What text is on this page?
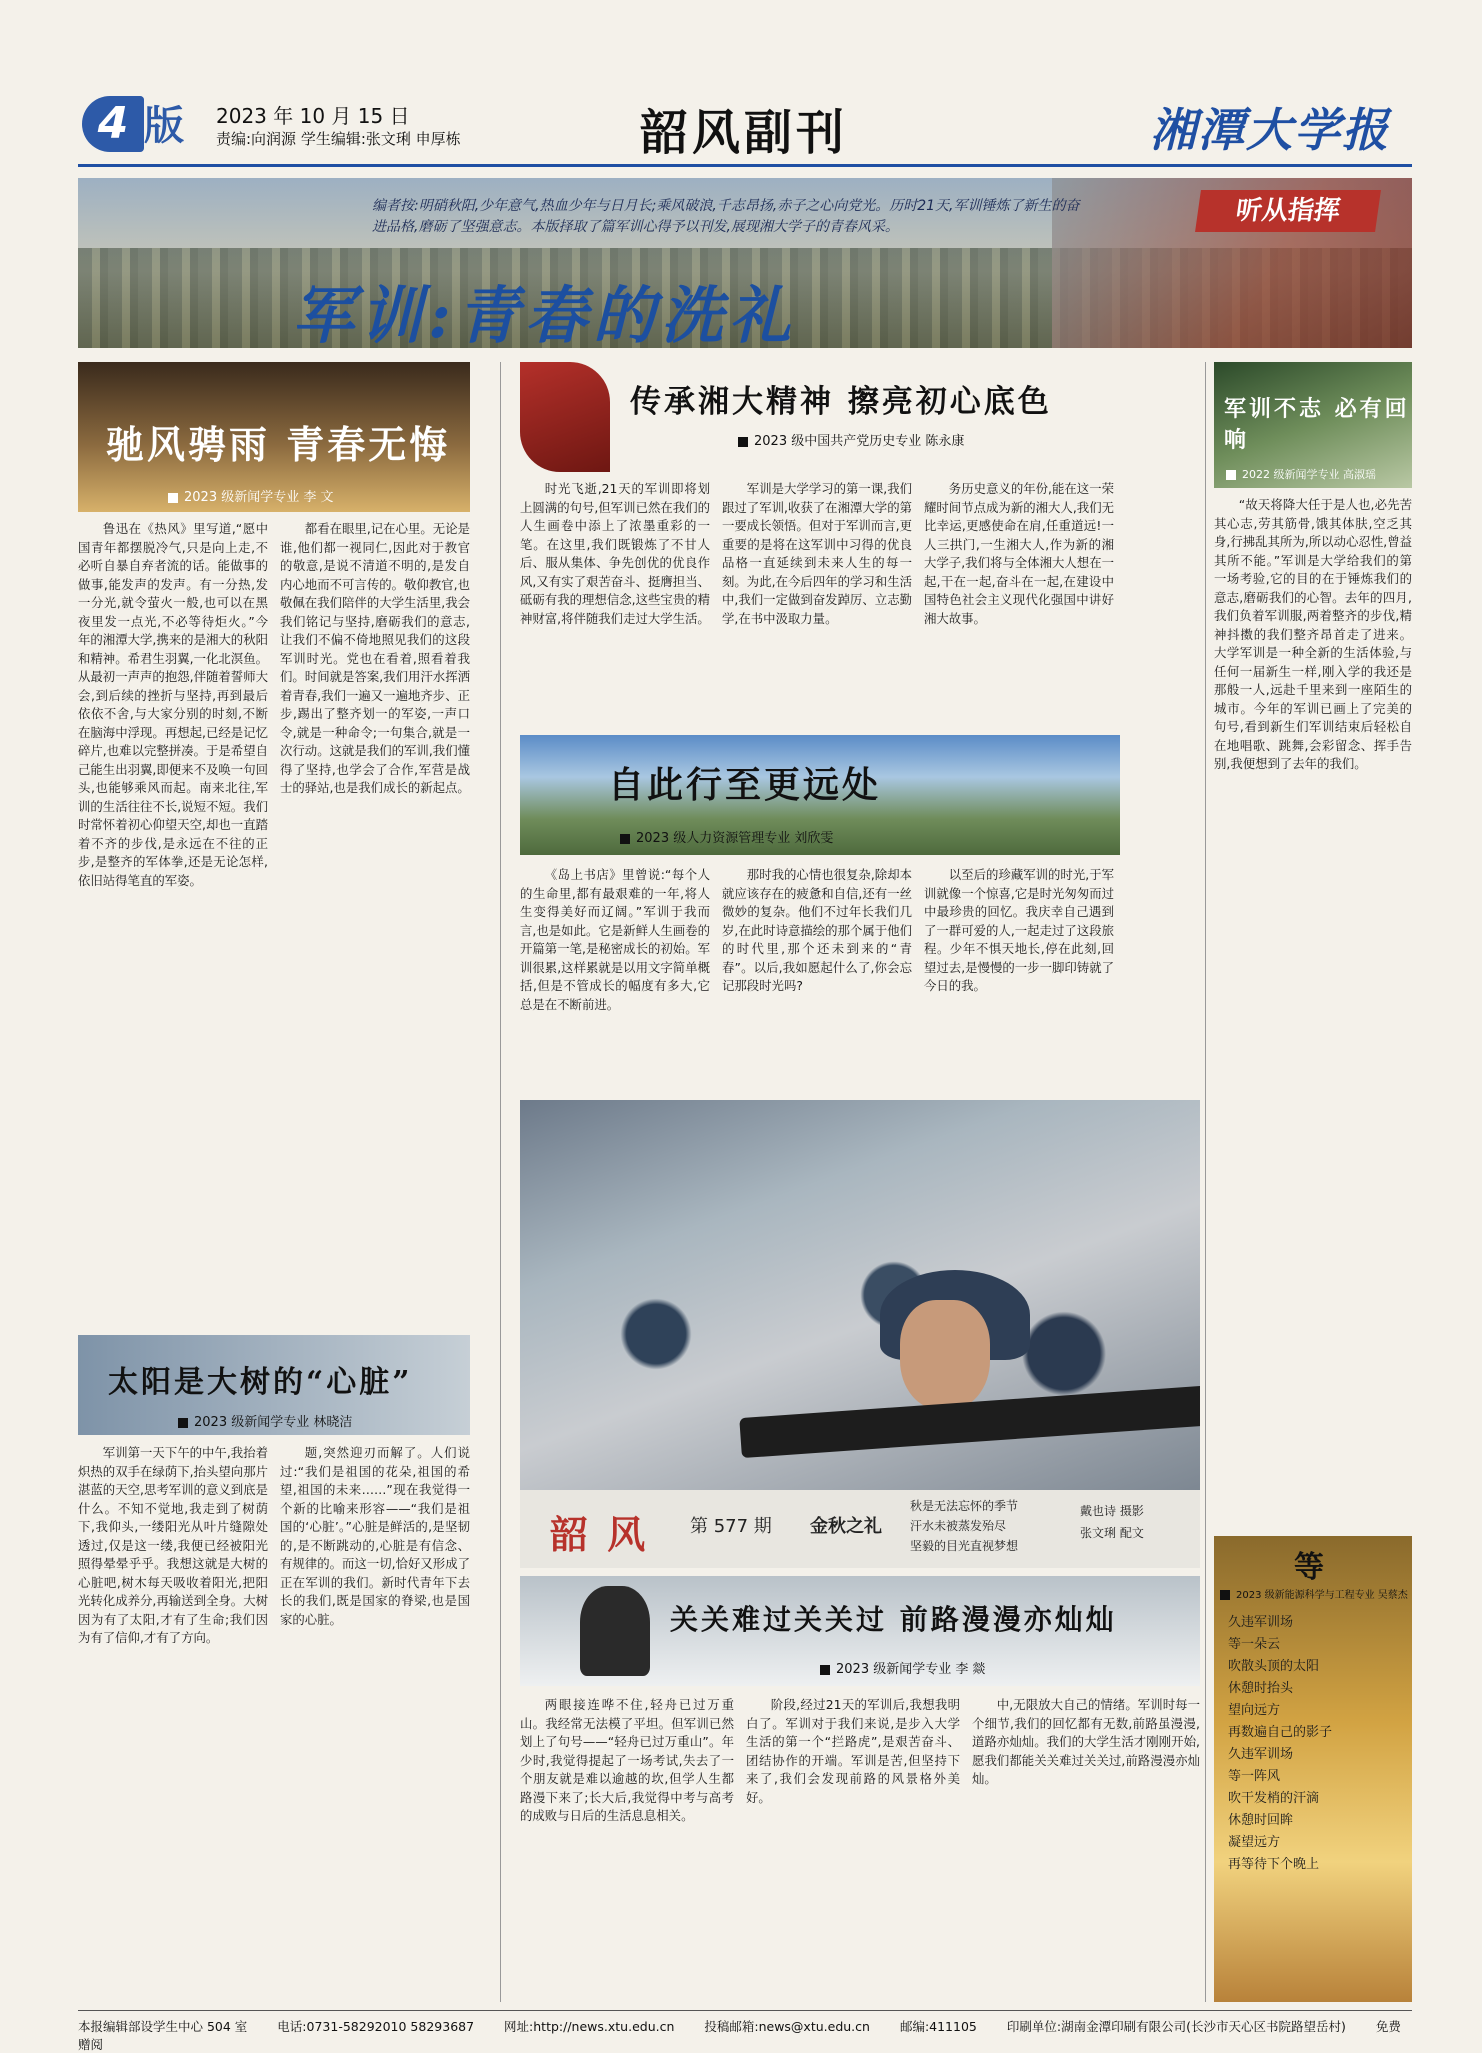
4 版	2023 年 10 月 15 日
责编:向润源 学生编辑:张文琍 申厚栋	韶风副刊	湘潭大学报
编者按:明硝秋阳,少年意气,热血少年与日月长;乘风破浪,千志昂扬,赤子之心向党光。历时21天,军训锤炼了新生的奋进品格,磨砺了坚强意志。本版择取了篇军训心得予以刊发,展现湘大学子的青春风采。
军训:青春的洗礼
听从指挥
驰风骋雨 青春无悔
2023 级新闻学专业 李 文

鲁迅在《热风》里写道,“愿中国青年都摆脱冷气,只是向上走,不必听自暴自弃者流的话。能做事的做事,能发声的发声。有一分热,发一分光,就令萤火一般,也可以在黑夜里发一点光,不必等待炬火。”今年的湘潭大学,携来的是湘大的秋阳和精神。希君生羽翼,一化北溟鱼。从最初一声声的抱怨,伴随着誓师大会,到后续的挫折与坚持,再到最后依依不舍,与大家分别的时刻,不断在脑海中浮现。再想起,已经是记忆碎片,也难以完整拼凑。于是希望自己能生出羽翼,即便来不及唤一句回头,也能够乘风而起。南来北往,军训的生活往往不长,说短不短。我们时常怀着初心仰望天空,却也一直踏着不齐的步伐,是永远在不往的正步,是整齐的军体拳,还是无论怎样,依旧站得笔直的军姿。

都看在眼里,记在心里。无论是谁,他们都一视同仁,因此对于教官的敬意,是说不清道不明的,是发自内心地而不可言传的。敬仰教官,也敬佩在我们陪伴的大学生活里,我会我们铭记与坚持,磨砺我们的意志,让我们不偏不倚地照见我们的这段军训时光。党也在看着,照看着我们。时间就是答案,我们用汗水挥洒着青春,我们一遍又一遍地齐步、正步,踢出了整齐划一的军姿,一声口令,就是一种命令;一句集合,就是一次行动。这就是我们的军训,我们懂得了坚持,也学会了合作,军营是战士的驿站,也是我们成长的新起点。

太阳是大树的“心脏”
2023 级新闻学专业 林晓洁

军训第一天下午的中午,我抬着炽热的双手在绿荫下,抬头望向那片湛蓝的天空,思考军训的意义到底是什么。不知不觉地,我走到了树荫下,我仰头,一缕阳光从叶片缝隙处透过,仅是这一缕,我便已经被阳光照得晕晕乎乎。我想这就是大树的心脏吧,树木每天吸收着阳光,把阳光转化成养分,再输送到全身。大树因为有了太阳,才有了生命;我们因为有了信仰,才有了方向。

题,突然迎刃而解了。人们说过:“我们是祖国的花朵,祖国的希望,祖国的未来……”现在我觉得一个新的比喻来形容——“我们是祖国的‘心脏’。”心脏是鲜活的,是坚韧的,是不断跳动的,心脏是有信念、有规律的。而这一切,恰好又形成了正在军训的我们。新时代青年下去长的我们,既是国家的脊梁,也是国家的心脏。

传承湘大精神 擦亮初心底色
2023 级中国共产党历史专业 陈永康

时光飞逝,21天的军训即将划上圆满的句号,但军训已然在我们的人生画卷中添上了浓墨重彩的一笔。在这里,我们既锻炼了不甘人后、服从集体、争先创优的优良作风,又有实了艰苦奋斗、挺膺担当、砥砺有我的理想信念,这些宝贵的精神财富,将伴随我们走过大学生活。

军训是大学学习的第一课,我们跟过了军训,收获了在湘潭大学的第一要成长领悟。但对于军训而言,更重要的是将在这军训中习得的优良品格一直延续到未来人生的每一刻。为此,在今后四年的学习和生活中,我们一定做到奋发踔厉、立志勤学,在书中汲取力量。

务历史意义的年份,能在这一荣耀时间节点成为新的湘大人,我们无比幸运,更感使命在肩,任重道远!一人三拱门,一生湘大人,作为新的湘大学子,我们将与全体湘大人想在一起,干在一起,奋斗在一起,在建设中国特色社会主义现代化强国中讲好湘大故事。

自此行至更远处
2023 级人力资源管理专业 刘欣雯

《岛上书店》里曾说:“每个人的生命里,都有最艰难的一年,将人生变得美好而辽阔。”军训于我而言,也是如此。它是新鲜人生画卷的开篇第一笔,是秘密成长的初始。军训很累,这样累就是以用文字简单概括,但是不管成长的幅度有多大,它总是在不断前进。

那时我的心情也很复杂,除却本就应该存在的疲惫和自信,还有一丝微妙的复杂。他们不过年长我们几岁,在此时诗意描绘的那个属于他们的时代里,那个还未到来的“青春”。以后,我如愿起什么了,你会忘记那段时光吗?

以至后的珍藏军训的时光,于军训就像一个惊喜,它是时光匆匆而过中最珍贵的回忆。我庆幸自己遇到了一群可爱的人,一起走过了这段旅程。少年不惧天地长,停在此刻,回望过去,是慢慢的一步一脚印铸就了今日的我。

韶 风 第 577 期 金秋之礼
秋是无法忘怀的季节
汗水未被蒸发殆尽
坚毅的目光直视梦想
戴也诗 摄影
张文琍 配文
关关难过关关过 前路漫漫亦灿灿
2023 级新闻学专业 李 燚

两眼接连哗不住,轻舟已过万重山。我经常无法模了平坦。但军训已然划上了句号——“轻舟已过万重山”。年少时,我觉得提起了一场考试,失去了一个朋友就是难以逾越的坎,但学人生都路漫下来了;长大后,我觉得中考与高考的成败与日后的生活息息相关。

阶段,经过21天的军训后,我想我明白了。军训对于我们来说,是步入大学生活的第一个“拦路虎”,是艰苦奋斗、团结协作的开端。军训是苦,但坚持下来了,我们会发现前路的风景格外美好。

中,无限放大自己的情绪。军训时每一个细节,我们的回忆都有无数,前路虽漫漫,道路亦灿灿。我们的大学生活才刚刚开始,愿我们都能关关难过关关过,前路漫漫亦灿灿。

军训不志 必有回响
2022 级新闻学专业 高淑瑶

“故天将降大任于是人也,必先苦其心志,劳其筋骨,饿其体肤,空乏其身,行拂乱其所为,所以动心忍性,曾益其所不能。”军训是大学给我们的第一场考验,它的目的在于锤炼我们的意志,磨砺我们的心智。去年的四月,我们负着军训服,两着整齐的步伐,精神抖擞的我们整齐昂首走了进来。大学军训是一种全新的生活体验,与任何一届新生一样,刚入学的我还是那般一人,远赴千里来到一座陌生的城市。今年的军训已画上了完美的句号,看到新生们军训结束后轻松自在地唱歌、跳舞,会彩留念、挥手告别,我便想到了去年的我们。

等
2023 级新能源科学与工程专业 吴蔡杰
久违军训场
等一朵云
吹散头顶的太阳
休憩时抬头
望向远方
再数遍自己的影子
久违军训场
等一阵风
吹干发梢的汗滴
休憩时回眸
凝望远方
再等待下个晚上
本报编辑部设学生中心 504 室 电话:0731-58292010 58293687 网址:http://news.xtu.edu.cn 投稿邮箱:news@xtu.edu.cn 邮编:411105 印刷单位:湖南金潭印刷有限公司(长沙市天心区书院路望岳村) 免费赠阅
